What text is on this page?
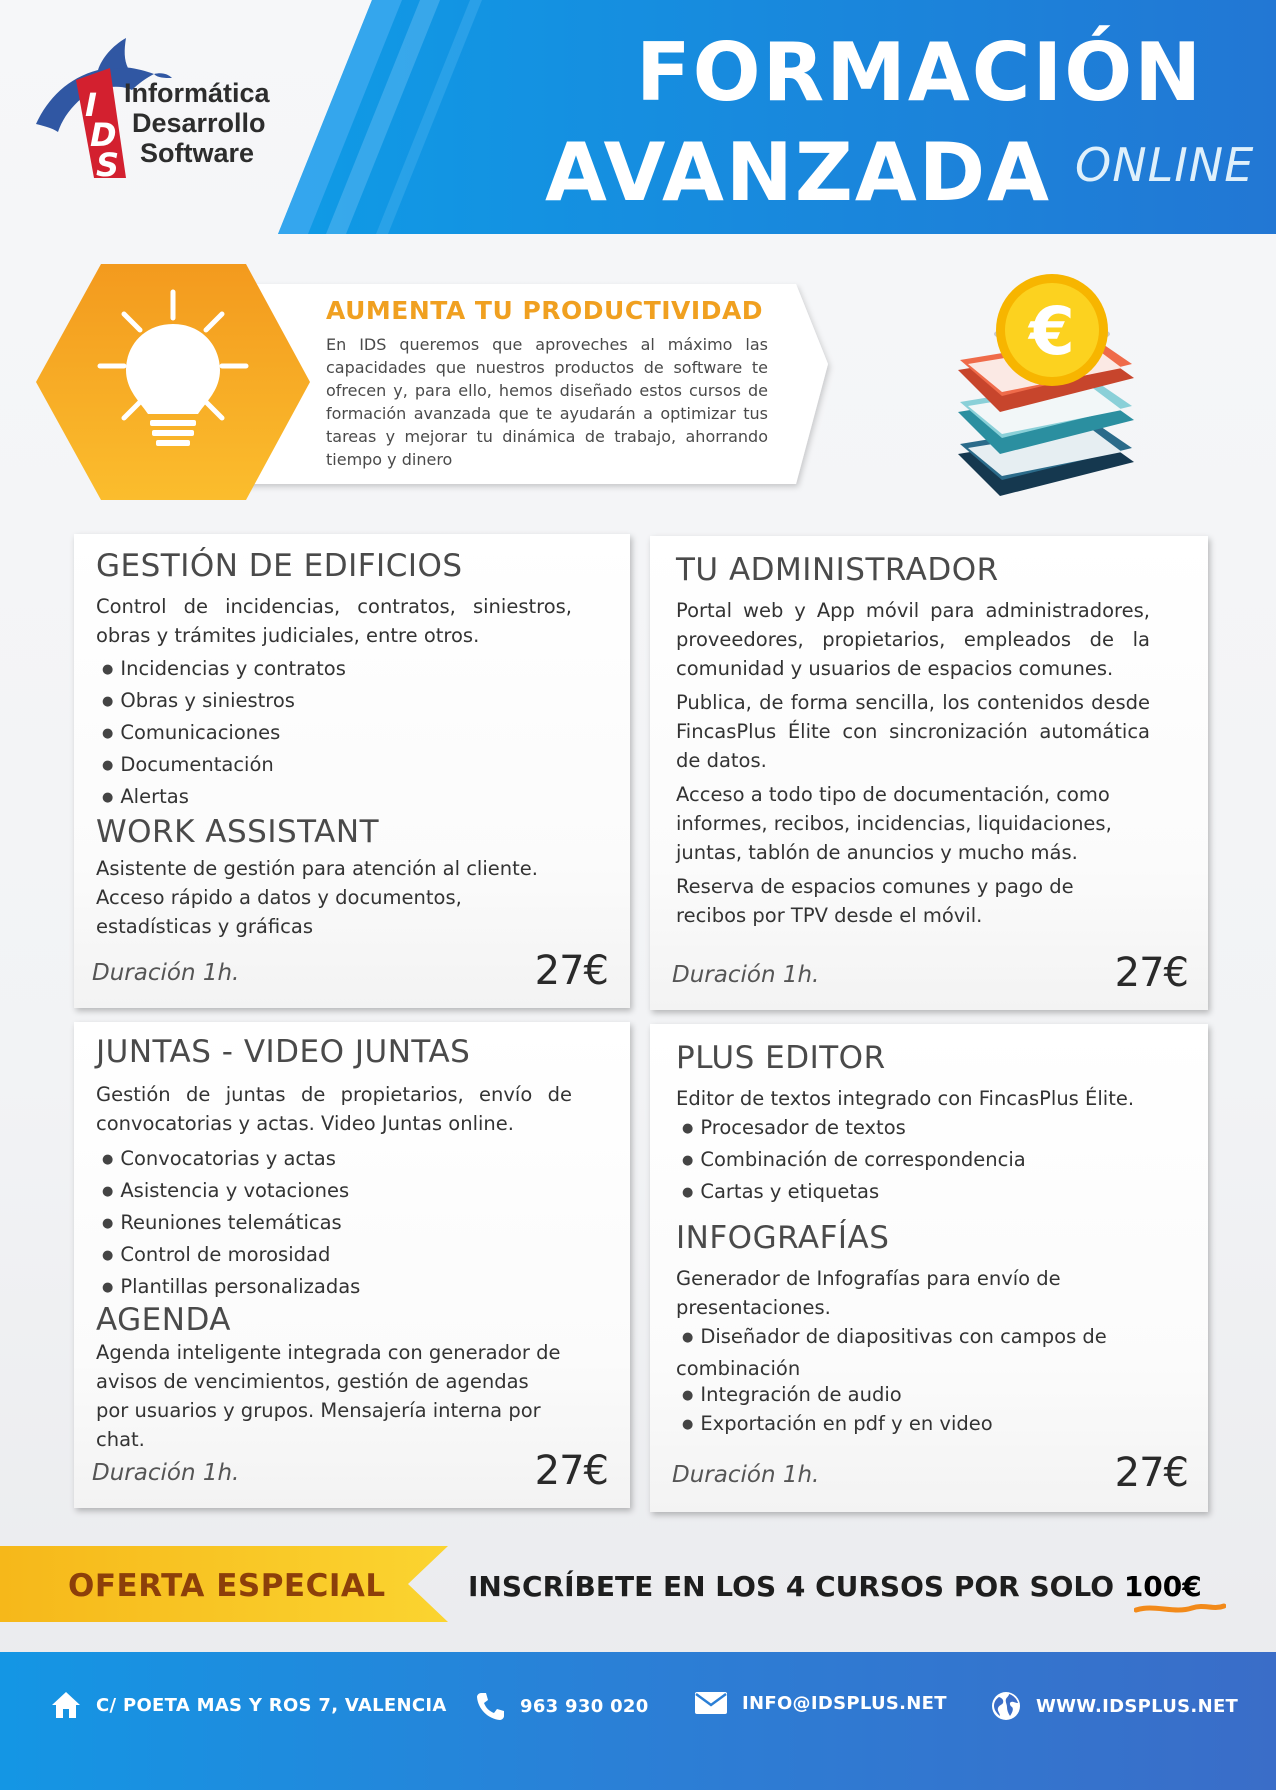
I
D
S
Informática
Desarrollo
Software
FORMACIÓN
AVANZADA ONLINE
AUMENTA TU PRODUCTIVIDAD
En IDS queremos que aproveches al máximo las capacidades que nuestros productos de software te ofrecen y, para ello, hemos diseñado estos cursos de formación avanzada que te ayudarán a optimizar tus tareas y mejorar tu dinámica de trabajo, ahorrando tiempo y dinero
€
GESTIÓN DE EDIFICIOS
Control de incidencias, contratos, siniestros, obras y trámites judiciales, entre otros.
● Incidencias y contratos
● Obras y siniestros
● Comunicaciones
● Documentación
● Alertas
WORK ASSISTANT
Asistente de gestión para atención al cliente. Acceso rápido a datos y documentos, estadísticas y gráficas
Duración 1h.	27€
TU ADMINISTRADOR
Portal web y App móvil para administradores, proveedores, propietarios, empleados de la comunidad y usuarios de espacios comunes.
Publica, de forma sencilla, los contenidos desde FincasPlus Élite con sincronización automática de datos.
Acceso a todo tipo de documentación, como informes, recibos, incidencias, liquidaciones, juntas, tablón de anuncios y mucho más.
Reserva de espacios comunes y pago de recibos por TPV desde el móvil.
Duración 1h.	27€
JUNTAS - VIDEO JUNTAS
Gestión de juntas de propietarios, envío de convocatorias y actas. Video Juntas online.
● Convocatorias y actas
● Asistencia y votaciones
● Reuniones telemáticas
● Control de morosidad
● Plantillas personalizadas
AGENDA
Agenda inteligente integrada con generador de avisos de vencimientos, gestión de agendas por usuarios y grupos. Mensajería interna por chat.
Duración 1h.	27€
PLUS EDITOR
Editor de textos integrado con FincasPlus Élite.
● Procesador de textos
● Combinación de correspondencia
● Cartas y etiquetas
INFOGRAFÍAS
Generador de Infografías para envío de presentaciones.
● Diseñador de diapositivas con campos de combinación
● Integración de audio
● Exportación en pdf y en video
Duración 1h.	27€
OFERTA ESPECIAL	INSCRÍBETE EN LOS 4 CURSOS POR SOLO 100€
C/ POETA MAS Y ROS 7, VALENCIA	963 930 020	INFO@IDSPLUS.NET	WWW.IDSPLUS.NET
